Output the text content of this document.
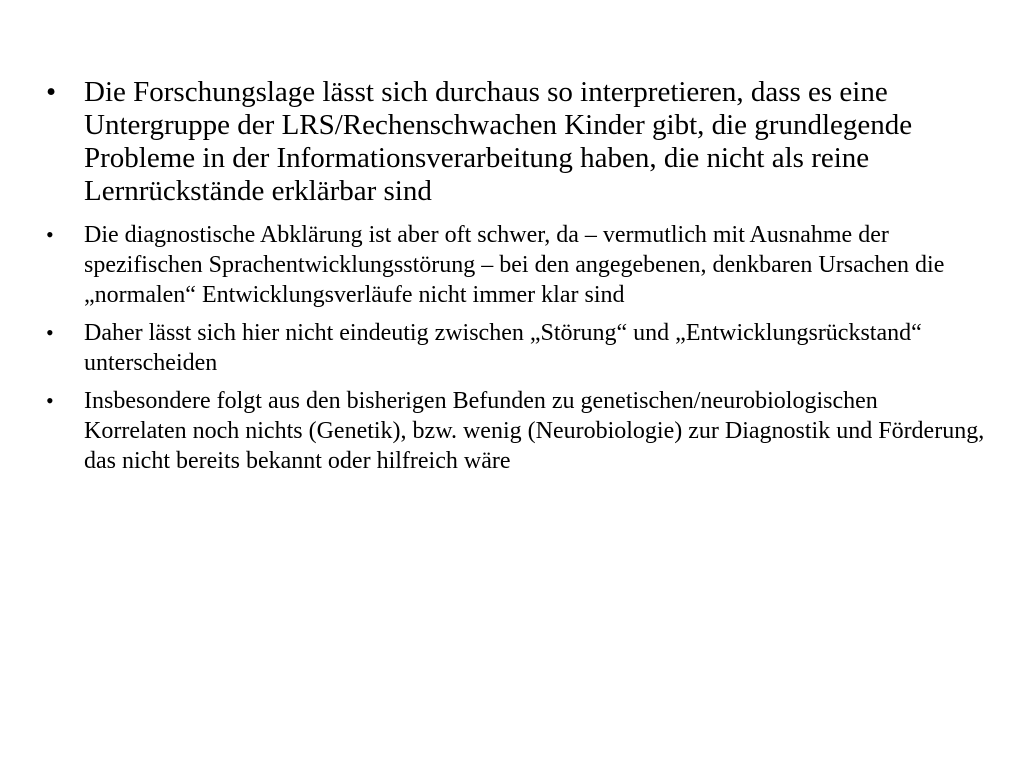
• Die Forschungslage lässt sich durchaus so interpretieren, dass es eine Untergruppe der LRS/Rechenschwachen Kinder gibt, die grundlegende Probleme in der Informationsverarbeitung haben, die nicht als reine Lernrückstände erklärbar sind
• Die diagnostische Abklärung ist aber oft schwer, da – vermutlich mit Ausnahme der spezifischen Sprachentwicklungsstörung – bei den angegebenen, denkbaren Ursachen die „normalen“ Entwicklungsverläufe nicht immer klar sind
• Daher lässt sich hier nicht eindeutig zwischen „Störung“ und „Entwicklungsrückstand“ unterscheiden
• Insbesondere folgt aus den bisherigen Befunden zu genetischen/neurobiologischen Korrelaten noch nichts (Genetik), bzw. wenig (Neurobiologie) zur Diagnostik und Förderung, das nicht bereits bekannt oder hilfreich wäre
